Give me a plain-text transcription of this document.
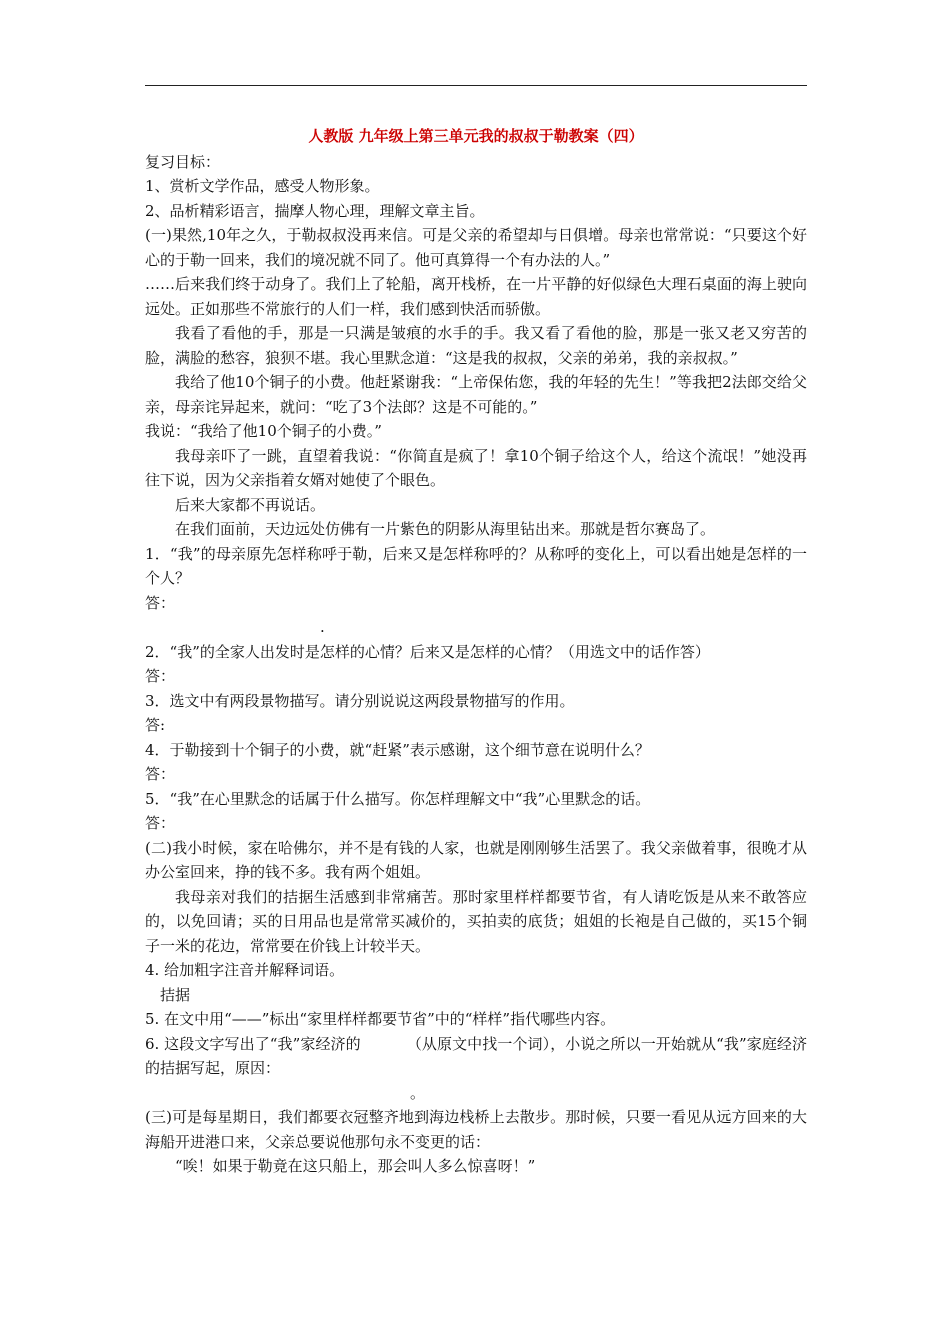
人教版 九年级上第三单元我的叔叔于勒教案（四）

复习目标：

1、赏析文学作品，感受人物形象。

2、品析精彩语言，揣摩人物心理，理解文章主旨。

(一)果然,10年之久，于勒叔叔没再来信。可是父亲的希望却与日俱增。母亲也常常说：“只要这个好心的于勒一回来，我们的境况就不同了。他可真算得一个有办法的人。”

……后来我们终于动身了。我们上了轮船，离开栈桥，在一片平静的好似绿色大理石桌面的海上驶向远处。正如那些不常旅行的人们一样，我们感到快活而骄傲。

我看了看他的手，那是一只满是皱痕的水手的手。我又看了看他的脸，那是一张又老又穷苦的脸，满脸的愁容，狼狈不堪。我心里默念道：“这是我的叔叔，父亲的弟弟，我的亲叔叔。”

我给了他10个铜子的小费。他赶紧谢我：“上帝保佑您，我的年轻的先生！”等我把2法郎交给父亲，母亲诧异起来，就问：“吃了3个法郎？这是不可能的。”

我说：“我给了他10个铜子的小费。”

我母亲吓了一跳，直望着我说：“你简直是疯了！拿10个铜子给这个人，给这个流氓！”她没再往下说，因为父亲指着女婿对她使了个眼色。

后来大家都不再说话。

在我们面前，天边远处仿佛有一片紫色的阴影从海里钻出来。那就是哲尔赛岛了。

1．“我”的母亲原先怎样称呼于勒，后来又是怎样称呼的？从称呼的变化上，可以看出她是怎样的一个人？

答：

.

2．“我”的全家人出发时是怎样的心情？后来又是怎样的心情？（用选文中的话作答）

答：

3．选文中有两段景物描写。请分别说说这两段景物描写的作用。

答:

4．于勒接到十个铜子的小费，就“赶紧”表示感谢，这个细节意在说明什么？

答：

5．“我”在心里默念的话属于什么描写。你怎样理解文中“我”心里默念的话。

答：

(二)我小时候，家在哈佛尔，并不是有钱的人家，也就是刚刚够生活罢了。我父亲做着事，很晚才从办公室回来，挣的钱不多。我有两个姐姐。

我母亲对我们的拮据生活感到非常痛苦。那时家里样样都要节省，有人请吃饭是从来不敢答应的，以免回请；买的日用品也是常常买减价的，买拍卖的底货；姐姐的长袍是自己做的，买15个铜子一米的花边，常常要在价钱上计较半天。

4. 给加粗字注音并解释词语。

拮据

5. 在文中用“——”标出“家里样样都要节省”中的“样样”指代哪些内容。

6. 这段文字写出了“我”家经济的	（从原文中找一个词），小说之所以一开始就从“我”家庭经济的拮据写起，原因：

。

(三)可是每星期日，我们都要衣冠整齐地到海边栈桥上去散步。那时候，只要一看见从远方回来的大海船开进港口来，父亲总要说他那句永不变更的话：

“唉！如果于勒竟在这只船上，那会叫人多么惊喜呀！”
